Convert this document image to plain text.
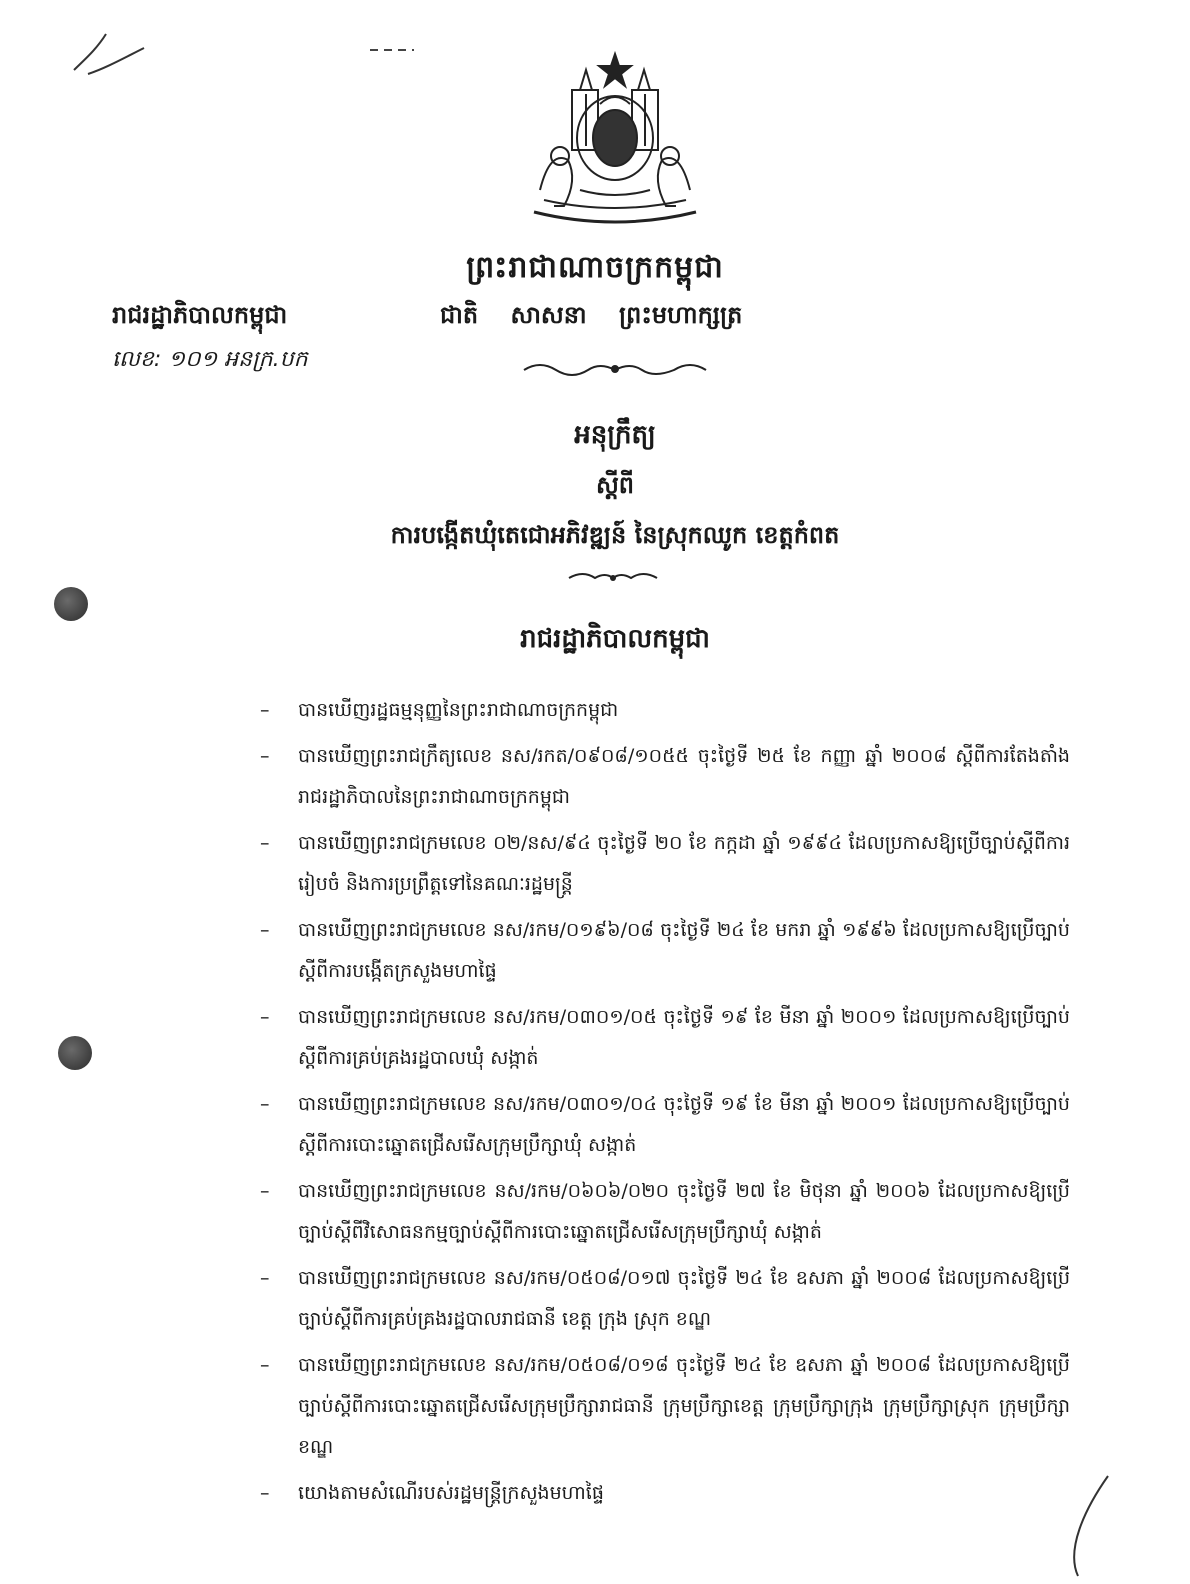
ព្រះរាជាណាចក្រកម្ពុជា
រាជរដ្ឋាភិបាលកម្ពុជា	ជាតិ សាសនា ព្រះមហាក្សត្រ
លេខ: ១០១ អនក្រ.បក
អនុក្រឹត្យ
ស្តីពី
ការបង្កើតឃុំតេជោអភិវឌ្ឍន៍ នៃស្រុកឈូក ខេត្តកំពត
រាជរដ្ឋាភិបាលកម្ពុជា
– បានឃើញរដ្ឋធម្មនុញ្ញនៃព្រះរាជាណាចក្រកម្ពុជា
– បានឃើញព្រះរាជក្រឹត្យលេខ នស/រកត/០៩០៨/១០៥៥ ចុះថ្ងៃទី ២៥ ខែ កញ្ញា ឆ្នាំ ២០០៨ ស្តីពីការតែងតាំងរាជរដ្ឋាភិបាលនៃព្រះរាជាណាចក្រកម្ពុជា
– បានឃើញព្រះរាជក្រមលេខ ០២/នស/៩៤ ចុះថ្ងៃទី ២០ ខែ កក្កដា ឆ្នាំ ១៩៩៤ ដែលប្រកាសឱ្យប្រើច្បាប់ស្តីពីការរៀបចំ និងការប្រព្រឹត្តទៅនៃគណៈរដ្ឋមន្ត្រី
– បានឃើញព្រះរាជក្រមលេខ នស/រកម/០១៩៦/០៨ ចុះថ្ងៃទី ២៤ ខែ មករា ឆ្នាំ ១៩៩៦ ដែលប្រកាសឱ្យប្រើច្បាប់ស្តីពីការបង្កើតក្រសួងមហាផ្ទៃ
– បានឃើញព្រះរាជក្រមលេខ នស/រកម/០៣០១/០៥ ចុះថ្ងៃទី ១៩ ខែ មីនា ឆ្នាំ ២០០១ ដែលប្រកាសឱ្យប្រើច្បាប់ស្តីពីការគ្រប់គ្រងរដ្ឋបាលឃុំ សង្កាត់
– បានឃើញព្រះរាជក្រមលេខ នស/រកម/០៣០១/០៤ ចុះថ្ងៃទី ១៩ ខែ មីនា ឆ្នាំ ២០០១ ដែលប្រកាសឱ្យប្រើច្បាប់ស្តីពីការបោះឆ្នោតជ្រើសរើសក្រុមប្រឹក្សាឃុំ សង្កាត់
– បានឃើញព្រះរាជក្រមលេខ នស/រកម/០៦០៦/០២០ ចុះថ្ងៃទី ២៧ ខែ មិថុនា ឆ្នាំ ២០០៦ ដែលប្រកាសឱ្យប្រើច្បាប់ស្តីពីវិសោធនកម្មច្បាប់ស្តីពីការបោះឆ្នោតជ្រើសរើសក្រុមប្រឹក្សាឃុំ សង្កាត់
– បានឃើញព្រះរាជក្រមលេខ នស/រកម/០៥០៨/០១៧ ចុះថ្ងៃទី ២៤ ខែ ឧសភា ឆ្នាំ ២០០៨ ដែលប្រកាសឱ្យប្រើច្បាប់ស្តីពីការគ្រប់គ្រងរដ្ឋបាលរាជធានី ខេត្ត ក្រុង ស្រុក ខណ្ឌ
– បានឃើញព្រះរាជក្រមលេខ នស/រកម/០៥០៨/០១៨ ចុះថ្ងៃទី ២៤ ខែ ឧសភា ឆ្នាំ ២០០៨ ដែលប្រកាសឱ្យប្រើច្បាប់ស្តីពីការបោះឆ្នោតជ្រើសរើសក្រុមប្រឹក្សារាជធានី ក្រុមប្រឹក្សាខេត្ត ក្រុមប្រឹក្សាក្រុង ក្រុមប្រឹក្សាស្រុក ក្រុមប្រឹក្សាខណ្ឌ
– យោងតាមសំណើរបស់រដ្ឋមន្ត្រីក្រសួងមហាផ្ទៃ
